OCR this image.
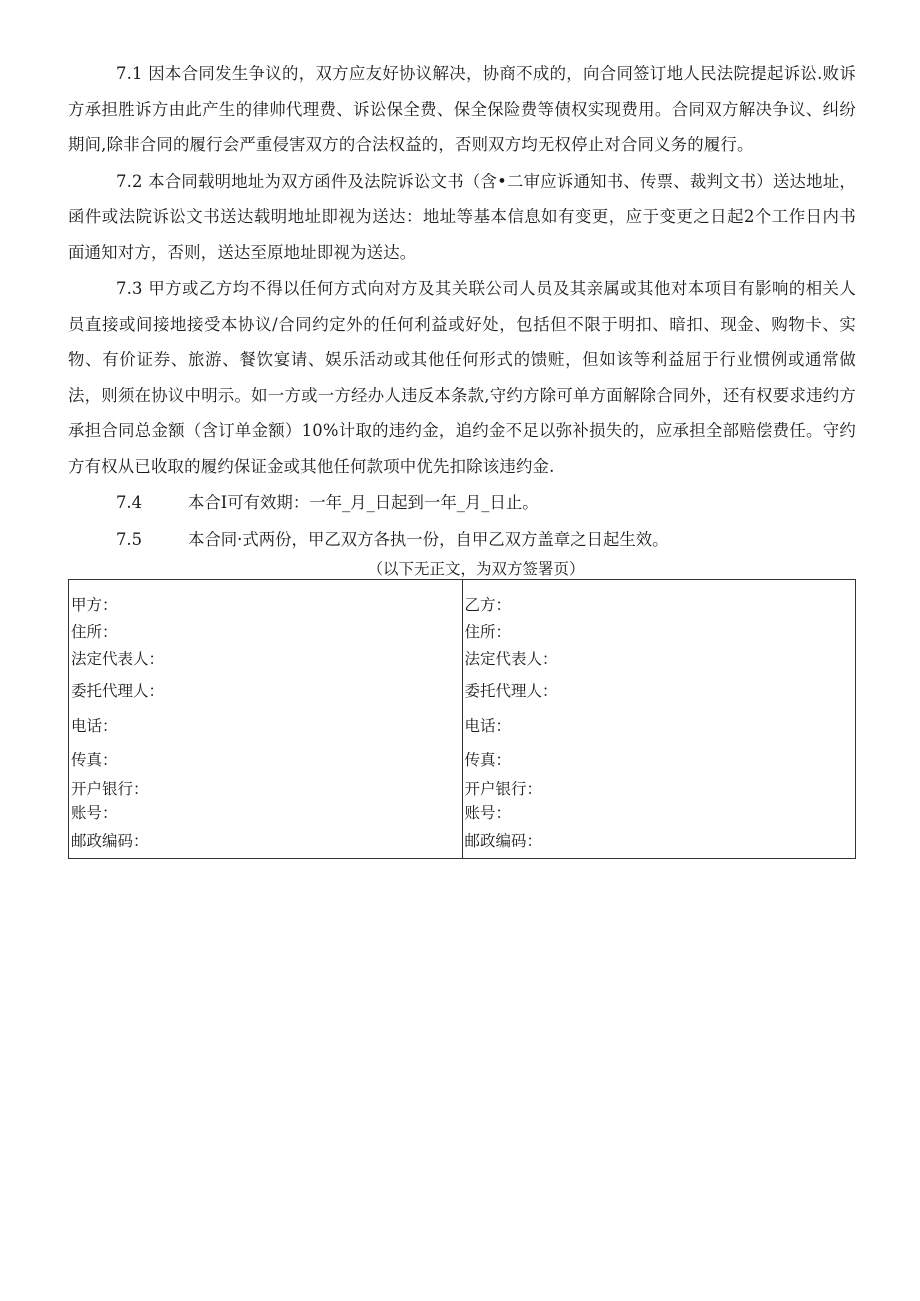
7.1 因本合同发生争议的，双方应友好协议解决，协商不成的，向合同签订地人民法院提起诉讼.败诉方承担胜诉方由此产生的律帅代理费、诉讼保全费、保全保险费等债权实现费用。合同双方解决争议、纠纷期间,除非合同的履行会严重侵害双方的合法权益的，否则双方均无权停止对合同义务的履行。

7.2 本合同载明地址为双方函件及法院诉讼文书（含•二审应诉通知书、传票、裁判文书）送达地址，函件或法院诉讼文书送达载明地址即视为送达：地址等基本信息如有变更，应于变更之日起2个工作日内书面通知对方，否则，送达至原地址即视为送达。

7.3 甲方或乙方均不得以任何方式向对方及其关联公司人员及其亲属或其他对本项目有影响的相关人员直接或间接地接受本协议/合同约定外的任何利益或好处，包括但不限于明扣、暗扣、现金、购物卡、实物、有价证券、旅游、餐饮宴请、娱乐活动或其他任何形式的馈赃，但如该等利益屈于行业惯例或通常做法，则须在协议中明示。如一方或一方经办人违反本条款,守约方除可单方面解除合同外，还有权要求违约方承担合同总金额（含订单金额）10%计取的违约金，追约金不足以弥补损失的，应承担全部赔偿费任。守约方有权从已收取的履约保证金或其他任何款项中优先扣除该违约金.

7.4	本合I可有效期：一年_月_日起到一年_月_日止。
7.5	本合同·式两份，甲乙双方各执一份，自甲乙双方盖章之日起生效。
（以下无正文，为双方签署页）
甲方：
住所：
法定代表人：
委托代理人：
电话：
传真：
开户银行：
账号：
邮政编码：

乙方：
住所：
法定代表人：
委托代理人：
电话：
传真：
开户银行：
账号：
邮政编码：
